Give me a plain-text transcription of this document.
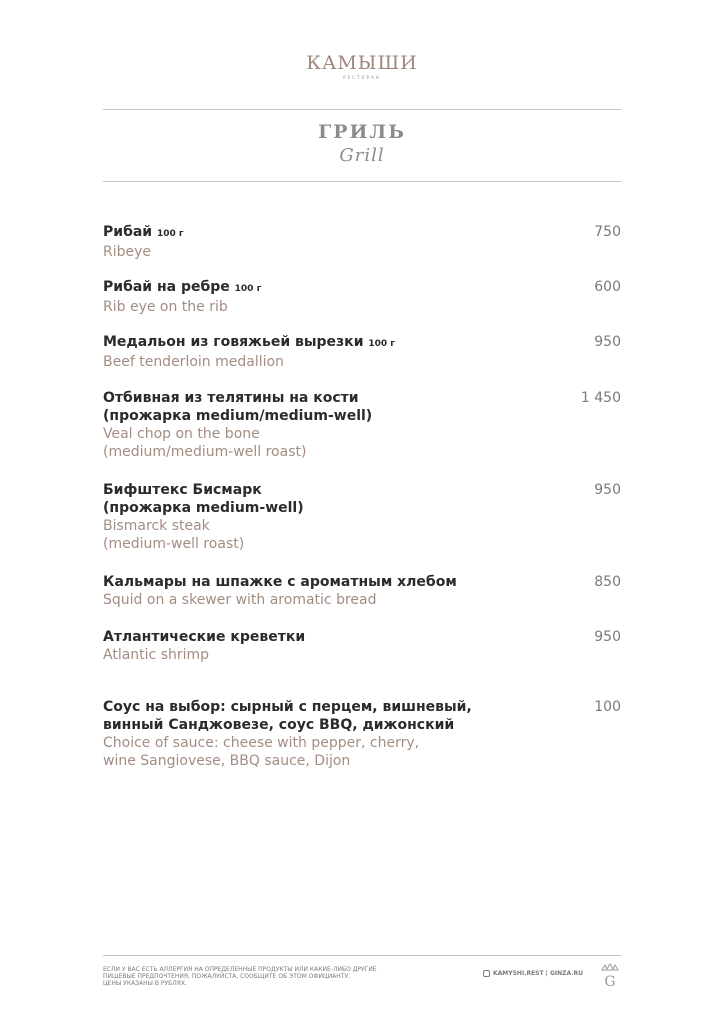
КАМЫШИ
РЕСТОРАН
ГРИЛЬ
Grill
Рибай 100 г
Ribeye
750
Рибай на ребре 100 г
Rib eye on the rib
600
Медальон из говяжьей вырезки 100 г
Beef tenderloin medallion
950
Отбивная из телятины на кости
(прожарка medium/medium-well)
Veal chop on the bone
(medium/medium-well roast)
1 450
Бифштекс Бисмарк
(прожарка medium-well)
Bismarck steak
(medium-well roast)
950
Кальмары на шпажке с ароматным хлебом
Squid on a skewer with aromatic bread
850
Атлантические креветки
Atlantic shrimp
950
Соус на выбор: сырный с перцем, вишневый,
винный Санджовезе, соус BBQ, дижонский
Choice of sauce: cheese with pepper, cherry,
wine Sangiovese, BBQ sauce, Dijon
100
ЕСЛИ У ВАС ЕСТЬ АЛЛЕРГИЯ НА ОПРЕДЕЛЕННЫЕ ПРОДУКТЫ ИЛИ КАКИЕ-ЛИБО ДРУГИЕ
ПИЩЕВЫЕ ПРЕДПОЧТЕНИЯ, ПОЖАЛУЙСТА, СООБЩИТЕ ОБ ЭТОМ ОФИЦИАНТУ.
ЦЕНЫ УКАЗАНЫ В РУБЛЯХ.
KAMYSHI.REST | GINZA.RU
G
